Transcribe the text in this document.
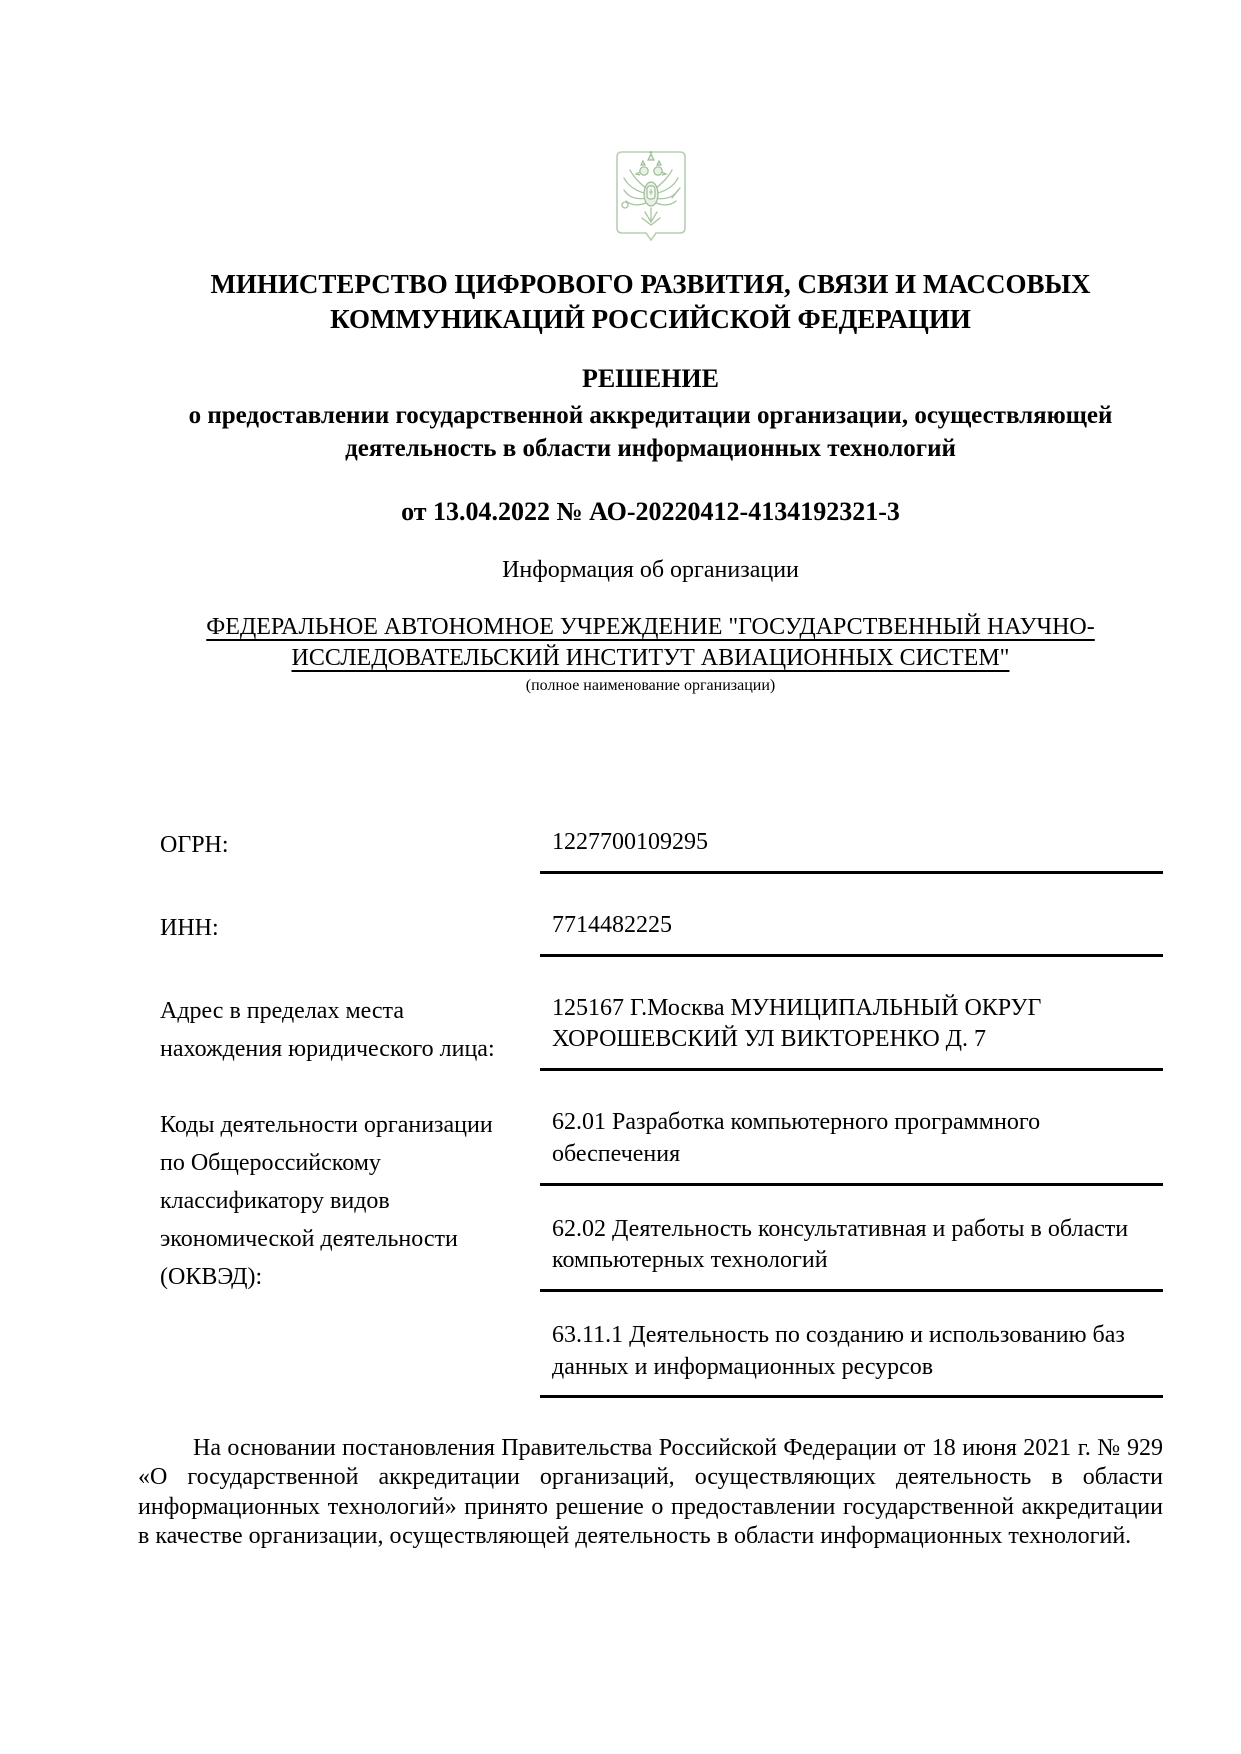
МИНИСТЕРСТВО ЦИФРОВОГО РАЗВИТИЯ, СВЯЗИ И МАССОВЫХ КОММУНИКАЦИЙ РОССИЙСКОЙ ФЕДЕРАЦИИ
РЕШЕНИЕ
о предоставлении государственной аккредитации организации, осуществляющей деятельность в области информационных технологий
от 13.04.2022 № АО-20220412-4134192321-3
Информация об организации
ФЕДЕРАЛЬНОЕ АВТОНОМНОЕ УЧРЕЖДЕНИЕ "ГОСУДАРСТВЕННЫЙ НАУЧНО-ИССЛЕДОВАТЕЛЬСКИЙ ИНСТИТУТ АВИАЦИОННЫХ СИСТЕМ"
(полное наименование организации)
ОГРН:	1227700109295
ИНН:	7714482225
Адрес в пределах места нахождения юридического лица:
125167 Г.Москва МУНИЦИПАЛЬНЫЙ ОКРУГ ХОРОШЕВСКИЙ УЛ ВИКТОРЕНКО Д. 7
Коды деятельности организации по Общероссийскому классификатору видов экономической деятельности (ОКВЭД):
62.01 Разработка компьютерного программного обеспечения
62.02 Деятельность консультативная и работы в области компьютерных технологий
63.11.1 Деятельность по созданию и использованию баз данных и информационных ресурсов
На основании постановления Правительства Российской Федерации от 18 июня 2021 г. № 929 «О государственной аккредитации организаций, осуществляющих деятельность в области информационных технологий» принято решение о предоставлении государственной аккредитации в качестве организации, осуществляющей деятельность в области информационных технологий.
